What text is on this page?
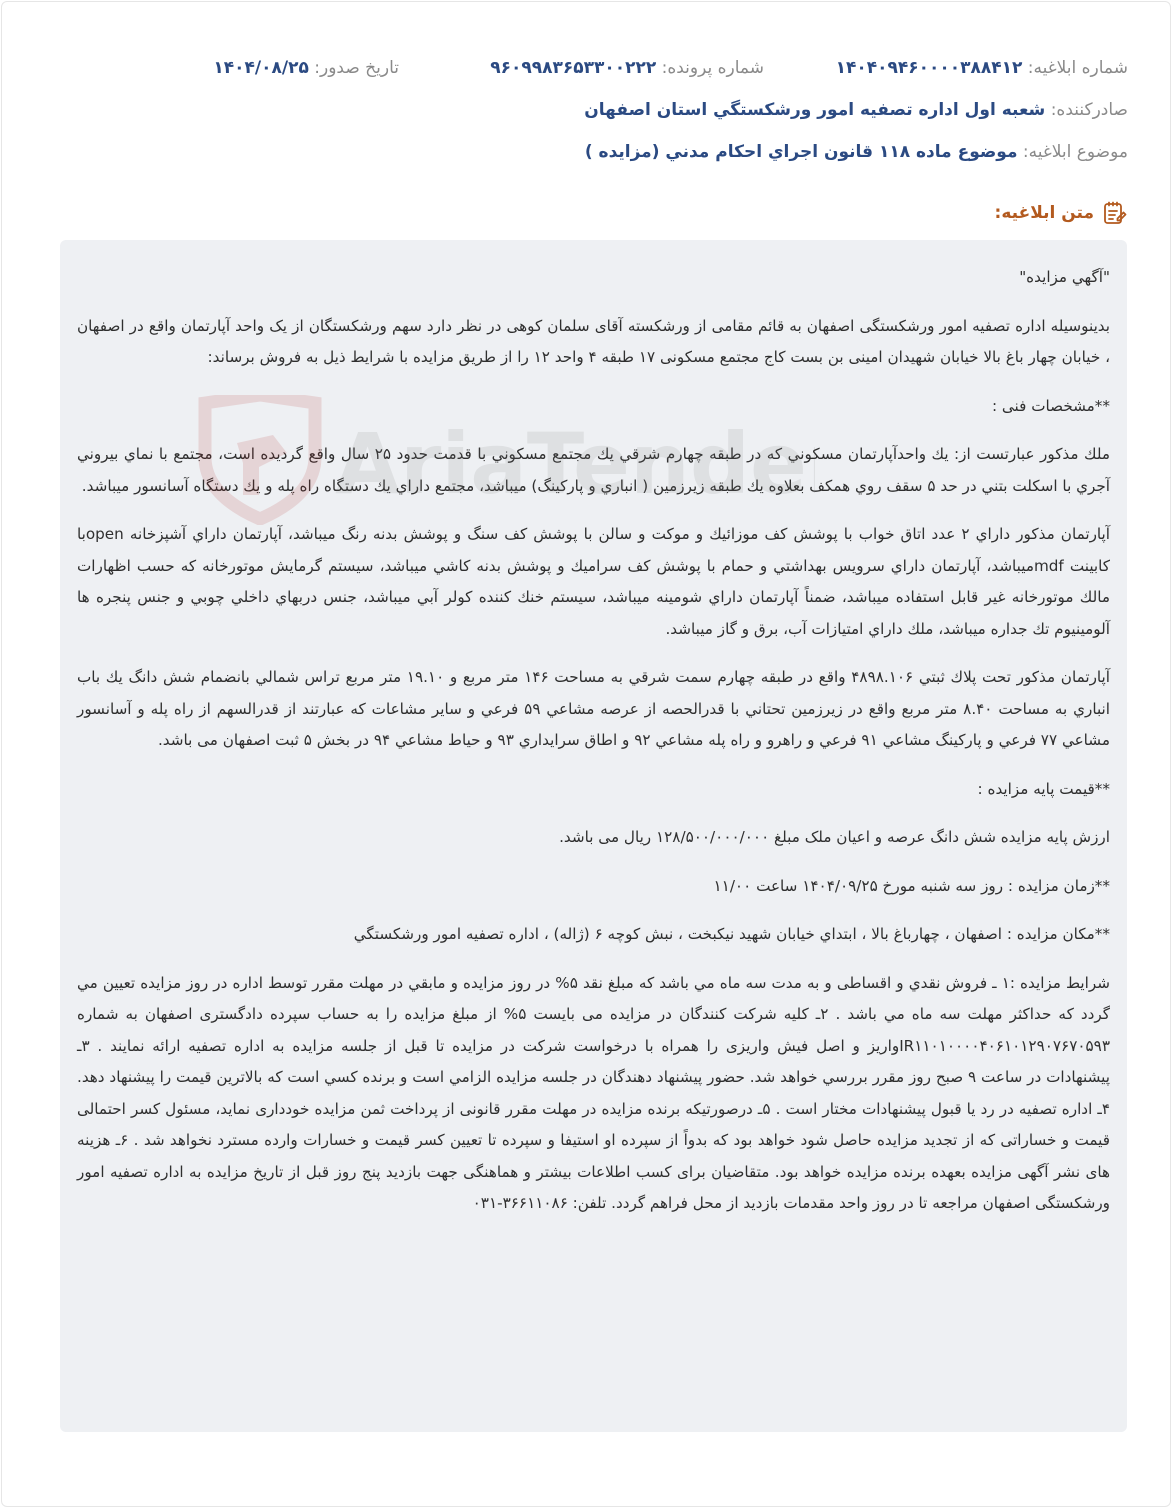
شماره ابلاغیه: ۱۴۰۴۰۹۴۶۰۰۰۰۳۸۸۴۱۲
شماره پرونده: ۹۶۰۹۹۸۳۶۵۳۳۰۰۲۲۲
تاریخ صدور: ۱۴۰۴/۰۸/۲۵
صادرکننده: شعبه اول اداره تصفيه امور ورشكستگي استان اصفهان
موضوع ابلاغیه: موضوع ماده ۱۱۸ قانون اجراي احكام مدني (مزايده )
متن ابلاغیه:

"آگهي مزايده"

بدينوسيله اداره تصفيه امور ورشكستگی اصفهان به قائم مقامی از ورشكسته آقای سلمان كوهی در نظر دارد سهم ورشكستگان از یک واحد آپارتمان واقع در اصفهان ، خیابان چهار باغ بالا خیابان شهیدان امینی بن بست كاج مجتمع مسكونی ۱۷ طبقه ۴ واحد ۱۲ را از طريق مزايده با شرايط ذيل به فروش برساند:

**مشخصات فنی :

ملك مذكور عبارتست از: يك واحدآپارتمان مسكوني كه در طبقه چهارم شرقي يك مجتمع مسكوني با قدمت حدود ۲۵ سال واقع گرديده است، مجتمع با نماي بيروني آجري با اسكلت بتني در حد ۵ سقف روي همكف بعلاوه يك طبقه زيرزمين ( انباري و پاركينگ) ميباشد، مجتمع داراي يك دستگاه راه پله و يك دستگاه آسانسور ميباشد.

آپارتمان مذكور داراي ۲ عدد اتاق خواب با پوشش كف موزائيك و موكت و سالن با پوشش كف سنگ و پوشش بدنه رنگ ميباشد، آپارتمان داراي آشپزخانه openبا كابينت mdfميباشد، آپارتمان داراي سرويس بهداشتي و حمام با پوشش كف سراميك و پوشش بدنه كاشي ميباشد، سيستم گرمايش موتورخانه كه حسب اظهارات مالك موتورخانه غير قابل استفاده ميباشد، ضمناً آپارتمان داراي شومينه ميباشد، سيستم خنك كننده كولر آبي ميباشد، جنس دربهاي داخلي چوبي و جنس پنجره ها آلومينيوم تك جداره ميباشد، ملك داراي امتيازات آب، برق و گاز ميباشد.

آپارتمان مذكور تحت پلاك ثبتي ۴۸۹۸.۱۰۶ واقع در طبقه چهارم سمت شرقي به مساحت ۱۴۶ متر مربع و ۱۹.۱۰ متر مربع تراس شمالي بانضمام شش دانگ يك باب انباري به مساحت ۸.۴۰ متر مربع واقع در زيرزمين تحتاني با قدرالحصه از عرصه مشاعي ۵۹ فرعي و ساير مشاعات كه عبارتند از قدرالسهم از راه پله و آسانسور مشاعي ۷۷ فرعي و پاركينگ مشاعي ۹۱ فرعي و راهرو و راه پله مشاعي ۹۲ و اطاق سرايداري ۹۳ و حياط مشاعي ۹۴ در بخش ۵ ثبت اصفهان می باشد.

**قیمت پایه مزایده :

ارزش پایه مزايده شش دانگ عرصه و اعيان ملک مبلغ ۱۲۸/۵۰۰/۰۰۰/۰۰۰ ريال می باشد.

**زمان مزايده : روز سه شنبه مورخ ۱۴۰۴/۰۹/۲۵ ساعت ۱۱/۰۰

**مكان مزايده : اصفهان ، چهارباغ بالا ، ابتداي خيابان شهيد نيكبخت ، نبش كوچه ۶ (ژاله) ، اداره تصفيه امور ورشكستگي

شرايط مزايده :۱ ـ فروش نقدي و اقساطی و به مدت سه ماه مي باشد كه مبلغ نقد ۵% در روز مزايده و مابقي در مهلت مقرر توسط اداره در روز مزايده تعيين مي گردد كه حداكثر مهلت سه ماه مي باشد . ۲ـ كليه شركت كنندگان در مزايده می بايست ۵% از مبلغ مزايده را به حساب سپرده دادگستری اصفهان به شماره IR۱۱۰۱۰۰۰۰۴۰۶۱۰۱۲۹۰۷۶۷۰۵۹۳واريز و اصل فيش واريزی را همراه با درخواست شركت در مزايده تا قبل از جلسه مزايده به اداره تصفيه ارائه نمايند . ۳ـ پيشنهادات در ساعت ۹ صبح روز مقرر بررسي خواهد شد. حضور پيشنهاد دهندگان در جلسه مزايده الزامي است و برنده كسي است كه بالاترين قيمت را پيشنهاد دهد. ۴ـ اداره تصفيه در رد يا قبول پيشنهادات مختار است . ۵ـ درصورتيكه برنده مزايده در مهلت مقرر قانونی از پرداخت ثمن مزايده خودداری نمايد، مسئول كسر احتمالی قيمت و خساراتی كه از تجديد مزايده حاصل شود خواهد بود كه بدواً از سپرده او استيفا و سپرده تا تعيين كسر قيمت و خسارات وارده مسترد نخواهد شد . ۶ـ هزينه های نشر آگهی مزايده بعهده برنده مزايده خواهد بود. متقاضيان برای كسب اطلاعات بيشتر و هماهنگی جهت بازديد پنج روز قبل از تاريخ مزايده به اداره تصفيه امور ورشكستگی اصفهان مراجعه تا در روز واحد مقدمات بازديد از محل فراهم گردد. تلفن: ۳۶۶۱۱۰۸۶-۰۳۱
